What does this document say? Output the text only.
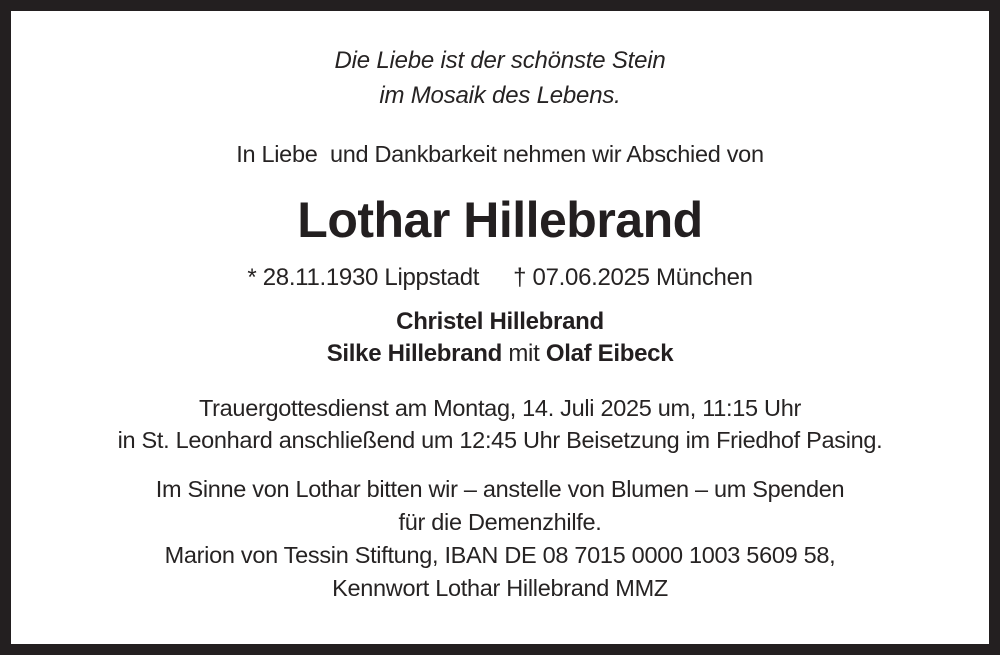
Die Liebe ist der schönste Stein
im Mosaik des Lebens.
In Liebe  und Dankbarkeit nehmen wir Abschied von
Lothar Hillebrand
* 28.11.1930 Lippstadt † 07.06.2025 München
Christel Hillebrand
Silke Hillebrand mit Olaf Eibeck
Trauergottesdienst am Montag, 14. Juli 2025 um, 11:15 Uhr
in St. Leonhard anschließend um 12:45 Uhr Beisetzung im Friedhof Pasing.
Im Sinne von Lothar bitten wir – anstelle von Blumen – um Spenden
für die Demenzhilfe.
Marion von Tessin Stiftung, IBAN DE 08 7015 0000 1003 5609 58,
Kennwort Lothar Hillebrand MMZ
